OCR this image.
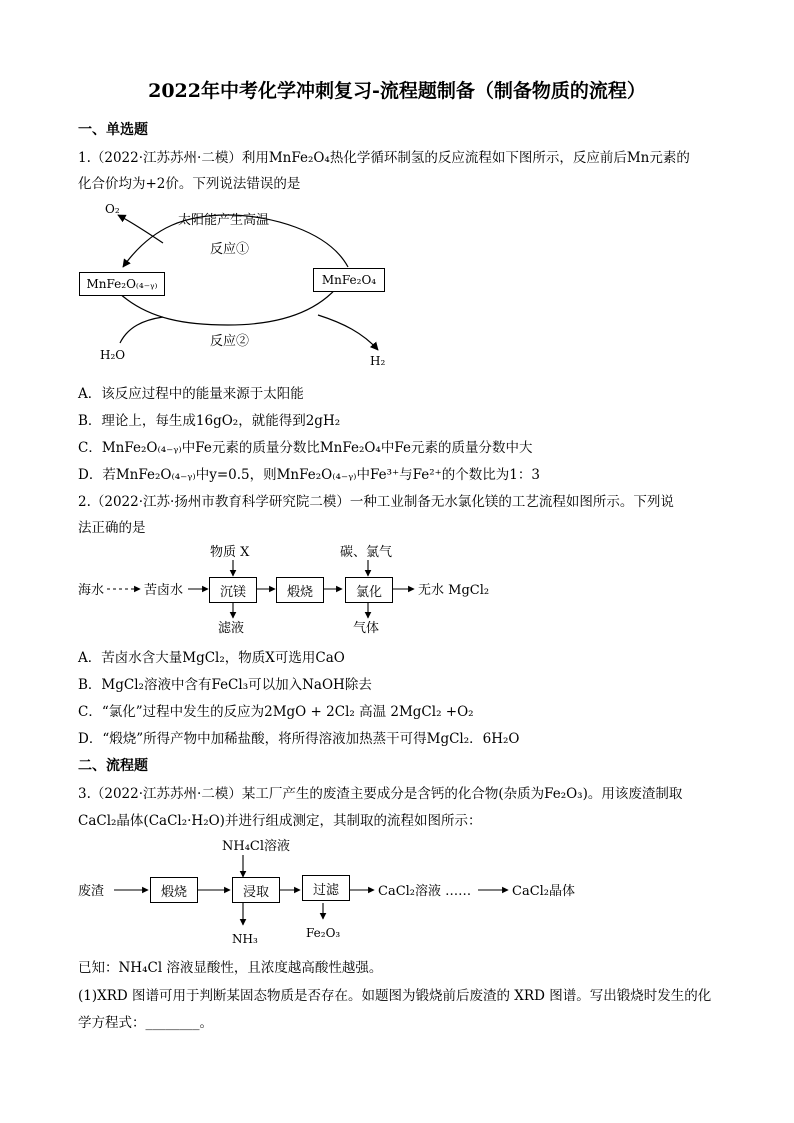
2022年中考化学冲刺复习-流程题制备（制备物质的流程）
一、单选题
1.（2022·江苏苏州·二模）利用MnFe₂O₄热化学循环制氢的反应流程如下图所示，反应前后Mn元素的
化合价均为+2价。下列说法错误的是
O₂
太阳能产生高温
反应①
反应②
H₂O	H₂
MnFe₂O₍₄₋ᵧ₎	MnFe₂O₄
A．该反应过程中的能量来源于太阳能
B．理论上，每生成16gO₂，就能得到2gH₂
C．MnFe₂O₍₄₋ᵧ₎中Fe元素的质量分数比MnFe₂O₄中Fe元素的质量分数中大
D．若MnFe₂O₍₄₋ᵧ₎中y=0.5，则MnFe₂O₍₄₋ᵧ₎中Fe³⁺与Fe²⁺的个数比为1：3
2.（2022·江苏·扬州市教育科学研究院二模）一种工业制备无水氯化镁的工艺流程如图所示。下列说
法正确的是
海水	苦卤水	无水 MgCl₂
物质 X	碳、氯气
滤液	气体
沉镁	煅烧	氯化
A．苦卤水含大量MgCl₂，物质X可选用CaO
B．MgCl₂溶液中含有FeCl₃可以加入NaOH除去
C．“氯化”过程中发生的反应为2MgO + 2Cl₂ 高温 2MgCl₂ +O₂
D．“煅烧”所得产物中加稀盐酸，将所得溶液加热蒸干可得MgCl₂．6H₂O
二、流程题
3.（2022·江苏苏州·二模）某工厂产生的废渣主要成分是含钙的化合物(杂质为Fe₂O₃)。用该废渣制取
CaCl₂晶体(CaCl₂·H₂O)并进行组成测定，其制取的流程如图所示：
废渣	CaCl₂溶液 ……	CaCl₂晶体
NH₄Cl溶液
NH₃	Fe₂O₃
煅烧	浸取	过滤
已知：NH₄Cl 溶液显酸性，且浓度越高酸性越强。
(1)XRD 图谱可用于判断某固态物质是否存在。如题图为锻烧前后废渣的 XRD 图谱。写出锻烧时发生的化
学方程式：________。
